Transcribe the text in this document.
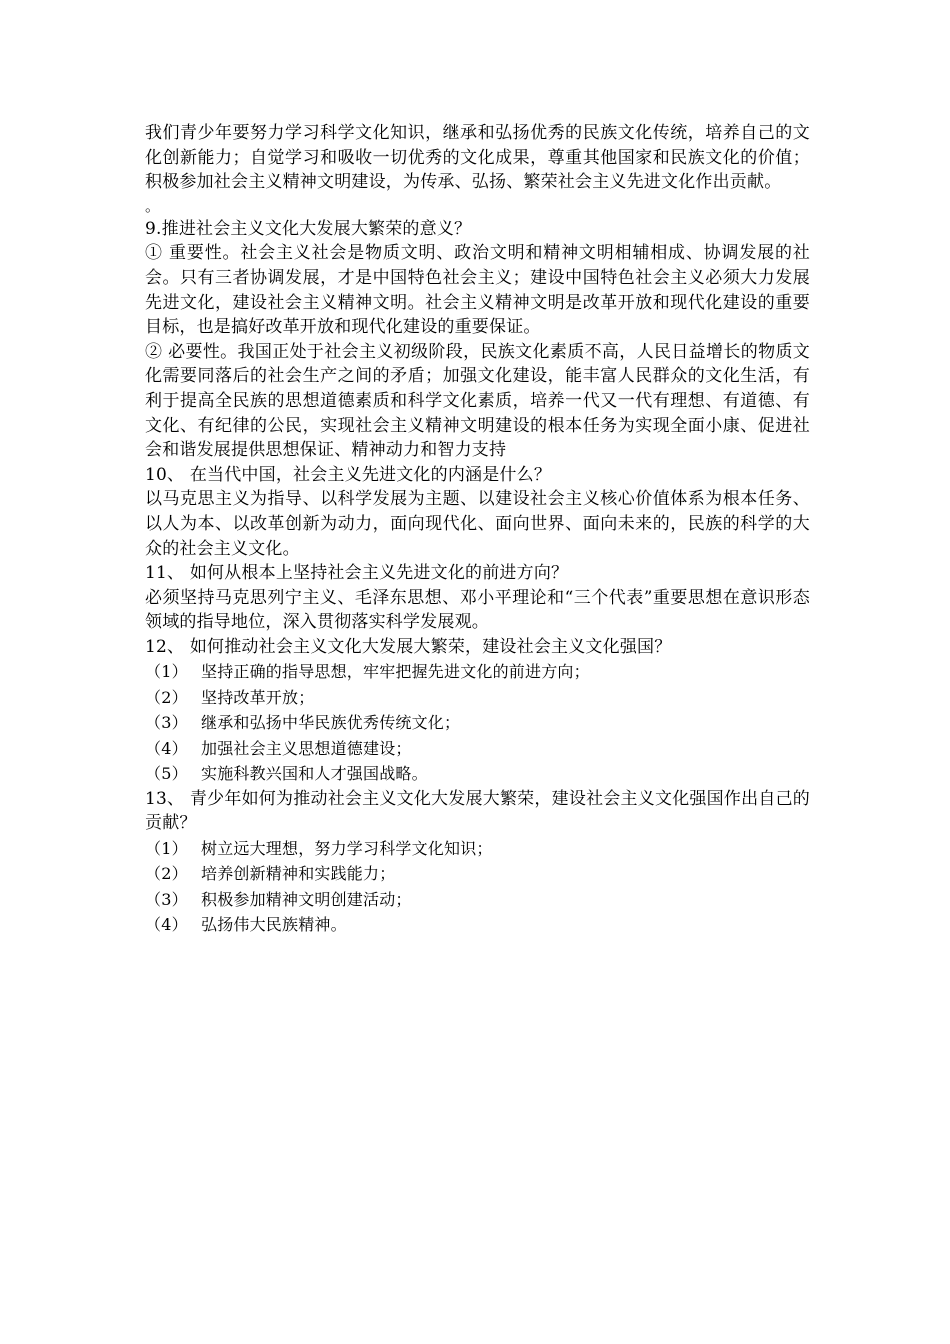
我们青少年要努力学习科学文化知识，继承和弘扬优秀的民族文化传统，培养自己的文化创新能力；自觉学习和吸收一切优秀的文化成果，尊重其他国家和民族文化的价值；积极参加社会主义精神文明建设，为传承、弘扬、繁荣社会主义先进文化作出贡献。

。

9.推进社会主义文化大发展大繁荣的意义？

① 重要性。社会主义社会是物质文明、政治文明和精神文明相辅相成、协调发展的社会。只有三者协调发展，才是中国特色社会主义；建设中国特色社会主义必须大力发展先进文化，建设社会主义精神文明。社会主义精神文明是改革开放和现代化建设的重要目标，也是搞好改革开放和现代化建设的重要保证。

② 必要性。我国正处于社会主义初级阶段，民族文化素质不高，人民日益增长的物质文化需要同落后的社会生产之间的矛盾；加强文化建设，能丰富人民群众的文化生活，有利于提高全民族的思想道德素质和科学文化素质，培养一代又一代有理想、有道德、有文化、有纪律的公民，实现社会主义精神文明建设的根本任务为实现全面小康、促进社会和谐发展提供思想保证、精神动力和智力支持

10、 在当代中国，社会主义先进文化的内涵是什么？

以马克思主义为指导、以科学发展为主题、以建设社会主义核心价值体系为根本任务、以人为本、以改革创新为动力，面向现代化、面向世界、面向未来的，民族的科学的大众的社会主义文化。

11、 如何从根本上坚持社会主义先进文化的前进方向？

必须坚持马克思列宁主义、毛泽东思想、邓小平理论和“三个代表”重要思想在意识形态领域的指导地位，深入贯彻落实科学发展观。

12、 如何推动社会主义文化大发展大繁荣，建设社会主义文化强国？

（1） 坚持正确的指导思想，牢牢把握先进文化的前进方向；
（2） 坚持改革开放；
（3） 继承和弘扬中华民族优秀传统文化；
（4） 加强社会主义思想道德建设；
（5） 实施科教兴国和人才强国战略。

13、 青少年如何为推动社会主义文化大发展大繁荣，建设社会主义文化强国作出自己的贡献？

（1） 树立远大理想，努力学习科学文化知识；
（2） 培养创新精神和实践能力；
（3） 积极参加精神文明创建活动；
（4） 弘扬伟大民族精神。
